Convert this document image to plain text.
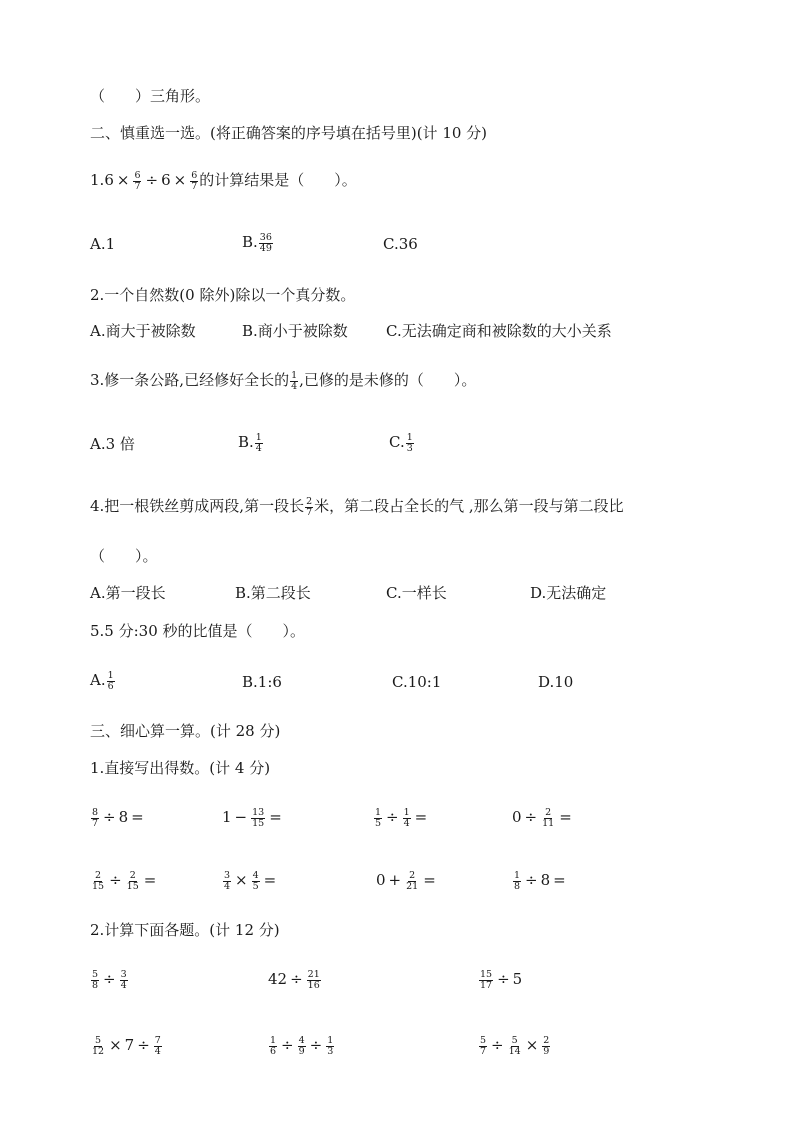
（　　）三角形。
二、慎重选一选。(将正确答案的序号填在括号里)(计 10 分)
$1.6 \times \frac{6}{7} \div 6 \times \frac{6}{7}$ 的计算结果是（　　）。
A.1	B. $\frac{36}{49}$	C.36
2.一个自然数(0 除外)除以一个真分数。
A.商大于被除数	B.商小于被除数	C.无法确定商和被除数的大小关系
3.修一条公路,已经修好全长的 $\frac{1}{4}$ ,已修的是未修的（　　）。
A.3 倍	B. $\frac{1}{4}$	C. $\frac{1}{3}$
4.把一根铁丝剪成两段,第一段长 $\frac{2}{7}$ 米，第二段占全长的气 ,那么第一段与第二段比
（　　）。
A.第一段长	B.第二段长	C.一样长	D.无法确定
5.5 分:30 秒的比值是（　　）。
A. $\frac{1}{6}$	B.1:6	C.10:1	D.10
三、细心算一算。(计 28 分)
1.直接写出得数。(计 4 分)
$\frac{8}{7} \div 8$ =	$1 - \frac{13}{15}$ =	$\frac{1}{5} \div \frac{1}{4}$ =	$0 \div \frac{2}{11}$ =
$\frac{2}{15} \div \frac{2}{15}$ =	$\frac{3}{4} \times \frac{4}{5}$ =	$0 + \frac{2}{21}$ =	$\frac{1}{8} \div 8$ =
2.计算下面各题。(计 12 分)
$\frac{5}{8} \div \frac{3}{4}$	$42 \div \frac{21}{16}$	$\frac{15}{17} \div 5$
$\frac{5}{12} \times 7 \div \frac{7}{4}$	$\frac{1}{6} \div \frac{4}{9} \div \frac{1}{3}$	$\frac{5}{7} \div \frac{5}{14} \times \frac{2}{9}$
